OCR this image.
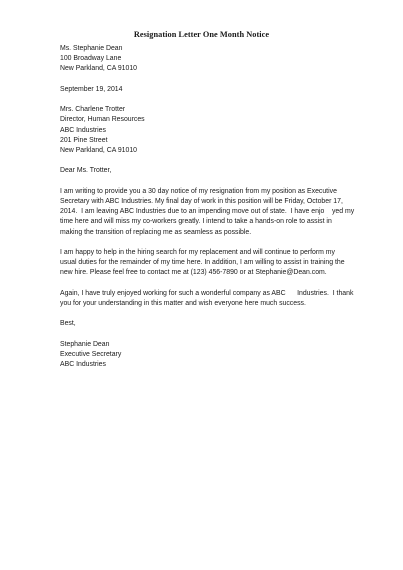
Resignation Letter One Month Notice
Ms. Stephanie Dean
100 Broadway Lane
New Parkland, CA 91010
September 19, 2014
Mrs. Charlene Trotter
Director, Human Resources
ABC Industries
201 Pine Street
New Parkland, CA 91010
Dear Ms. Trotter,
I am writing to provide you a 30 day notice of my resignation from my position as Executive
Secretary with ABC Industries. My final day of work in this position will be Friday, October 17,
2014.  I am leaving ABC Industries due to an impending move out of state.  I have enjo    yed my
time here and will miss my co-workers greatly. I intend to take a hands-on role to assist in
making the transition of replacing me as seamless as possible.
I am happy to help in the hiring search for my replacement and will continue to perform my
usual duties for the remainder of my time here. In addition, I am willing to assist in training the
new hire. Please feel free to contact me at (123) 456-7890 or at Stephanie@Dean.com.
Again, I have truly enjoyed working for such a wonderful company as ABC      Industries.  I thank
you for your understanding in this matter and wish everyone here much success.
Best,
Stephanie Dean
Executive Secretary
ABC Industries
